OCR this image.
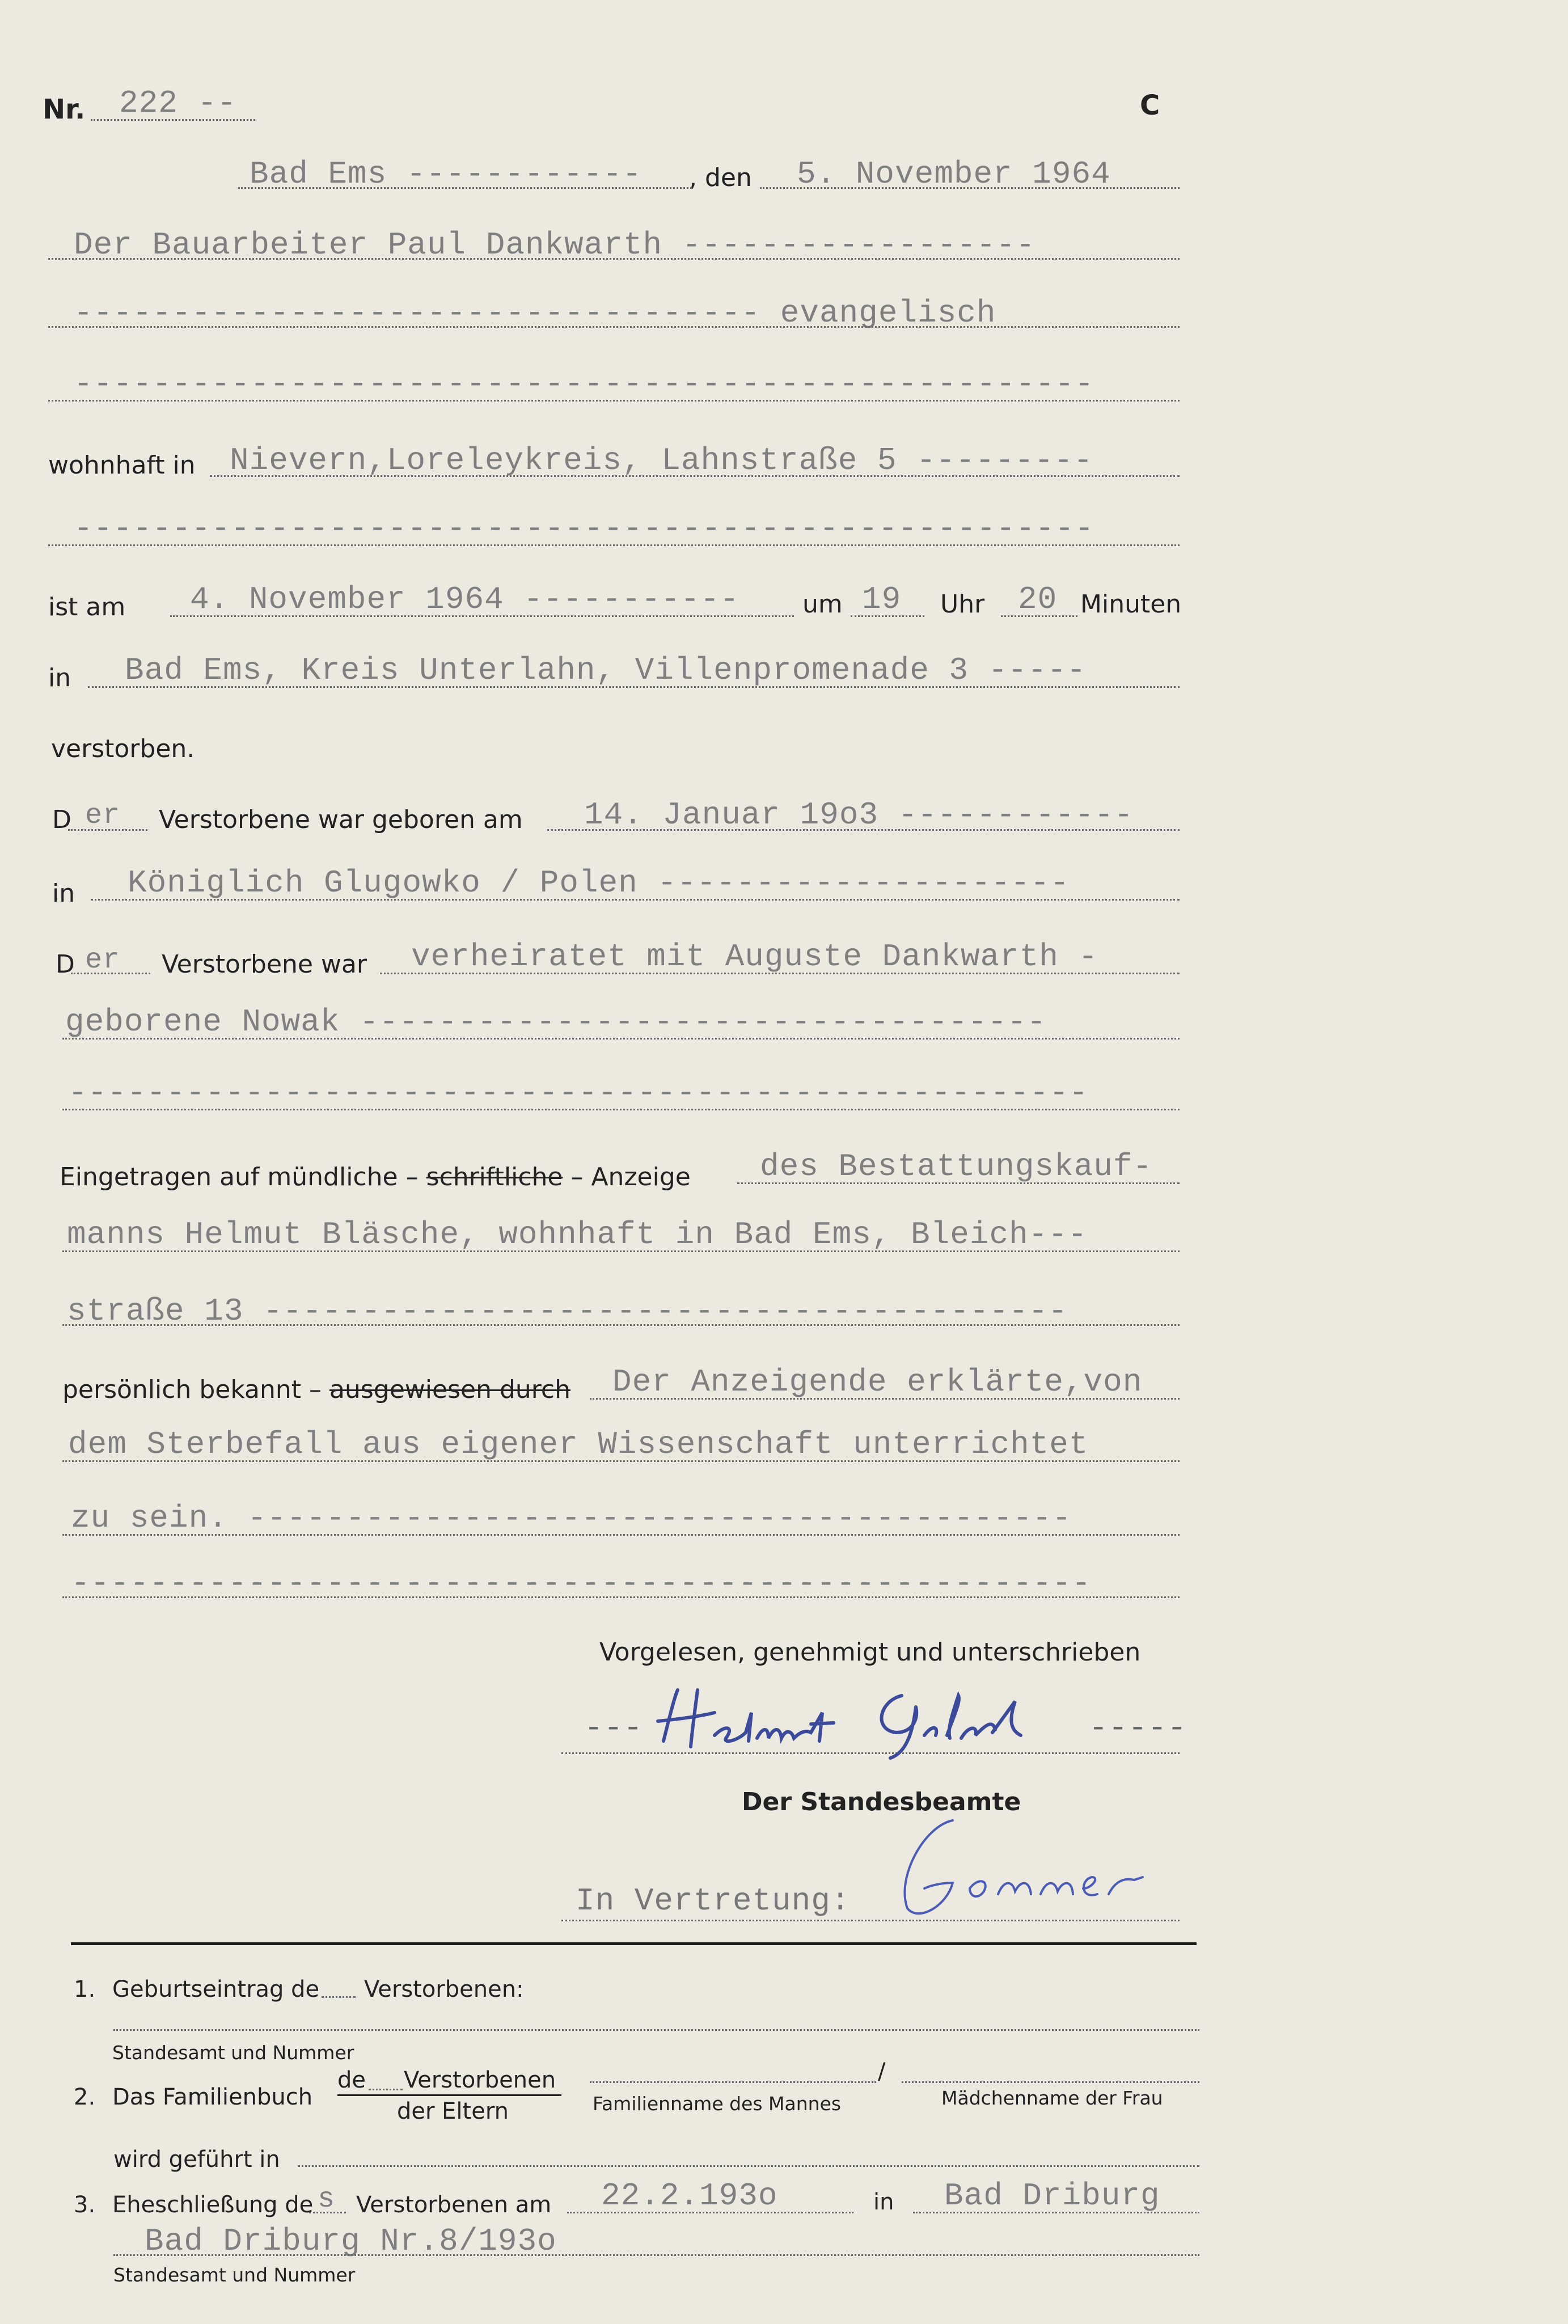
Nr. 222 --	C
Bad Ems ------------ , den 5. November 1964
Der Bauarbeiter Paul Dankwarth ------------------
----------------------------------- evangelisch
----------------------------------------------------
wohnhaft in Nievern,Loreleykreis, Lahnstraße 5 ---------
----------------------------------------------------
ist am 4. November 1964 -----------	um 19 Uhr 20 Minuten
in Bad Ems, Kreis Unterlahn, Villenpromenade 3 -----
verstorben.
D er Verstorbene war geboren am 14. Januar 19o3 ------------
in Königlich Glugowko / Polen ---------------------
D er Verstorbene war verheiratet mit Auguste Dankwarth -
geborene Nowak -----------------------------------
----------------------------------------------------
Eingetragen auf mündliche – schriftliche – Anzeige des Bestattungskauf-
manns Helmut Bläsche, wohnhaft in Bad Ems, Bleich---
straße 13 -----------------------------------------
persönlich bekannt – ausgewiesen durch Der Anzeigende erklärte,von
dem Sterbefall aus eigener Wissenschaft unterrichtet
zu sein. ------------------------------------------
----------------------------------------------------
Vorgelesen, genehmigt und unterschrieben
---	-----
Der Standesbeamte
In Vertretung:
1. Geburtseintrag de Verstorbenen:
Standesamt und Nummer
2. Das Familienbuch
de Verstorbenen
der Eltern	Familienname des Mannes
/
Mädchenname der Frau
wird geführt in
3. Eheschließung de s Verstorbenen am 22.2.193o	in Bad Driburg
Bad Driburg Nr.8/193o
Standesamt und Nummer
